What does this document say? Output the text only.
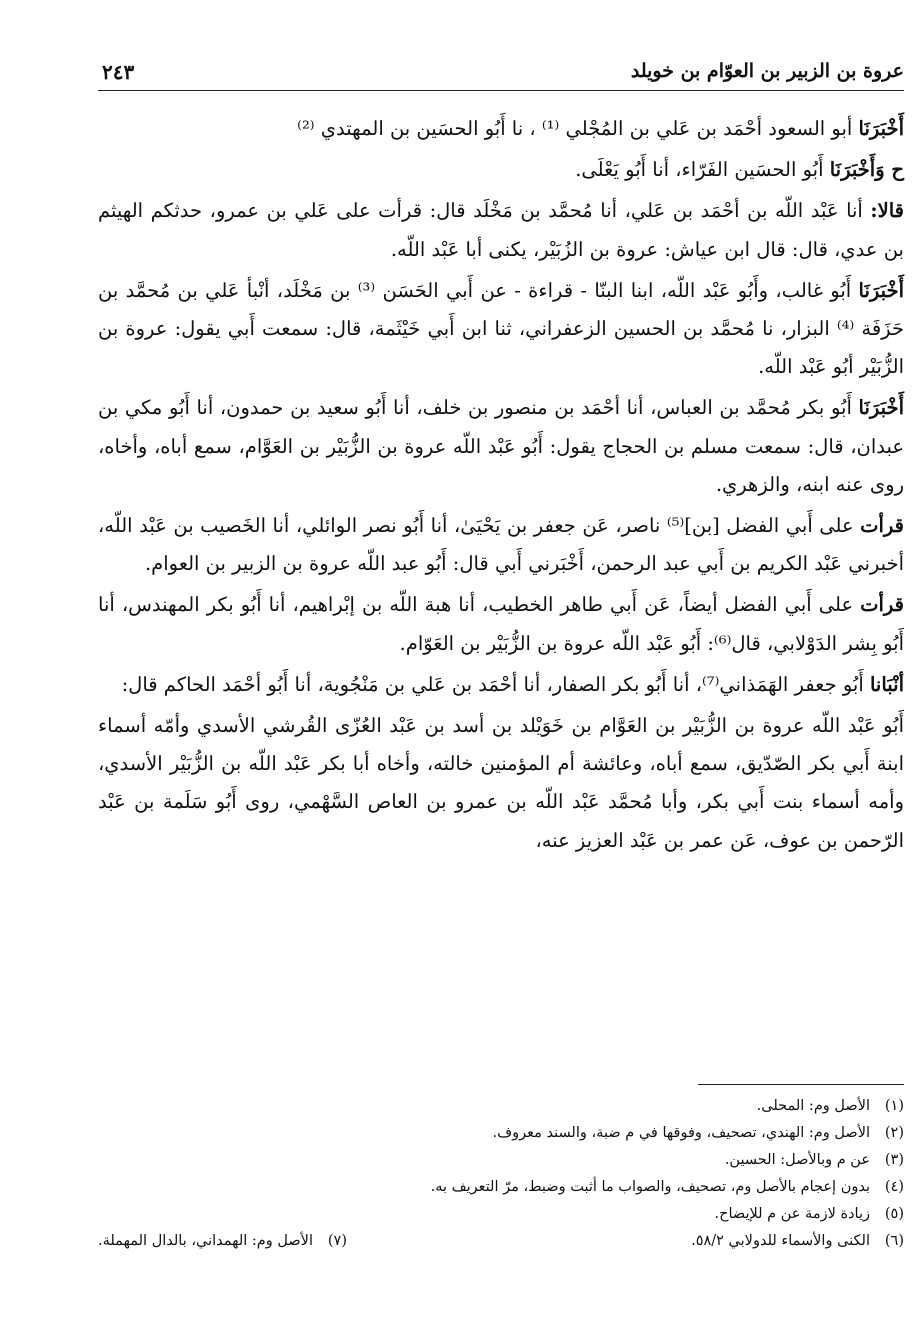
عروة بن الزبير بن العوّام بن خويلد
٢٤٣

أَخْبَرَنَا أبو السعود أحْمَد بن عَلي بن المُجْلي ⁽¹⁾ ، نا أَبُو الحسَين بن المهتدي ⁽²⁾

ح وَأَخْبَرَنَا أَبُو الحسَين الفَرّاء، أنا أَبُو يَعْلَى.

قالا: أنا عَبْد اللّه بن أحْمَد بن عَلي، أنا مُحمَّد بن مَخْلَد قال: قرأت على عَلي بن عمرو، حدثكم الهيثم بن عدي، قال: قال ابن عياش: عروة بن الزُبَيْر، يكنى أبا عَبْد اللّه.

أَخْبَرَنَا أَبُو غالب، وأَبُو عَبْد اللّه، ابنا البنّا - قراءة - عن أَبي الحَسَن ⁽³⁾ بن مَخْلَد، أنْبأ عَلي بن مُحمَّد بن حَزَفَة ⁽⁴⁾ البزار، نا مُحمَّد بن الحسين الزعفراني، ثنا ابن أَبي خَيْثَمة، قال: سمعت أَبي يقول: عروة بن الزُّبَيْر أبُو عَبْد اللّه.

أَخْبَرَنَا أَبُو بكر مُحمَّد بن العباس، أنا أحْمَد بن منصور بن خلف، أنا أَبُو سعيد بن حمدون، أنا أَبُو مكي بن عبدان، قال: سمعت مسلم بن الحجاج يقول: أَبُو عَبْد اللّه عروة بن الزُّبَيْر بن العَوَّام، سمع أباه، وأخاه، روى عنه ابنه، والزهري.

قرأت على أَبي الفضل [بن]⁽⁵⁾ ناصر، عَن جعفر بن يَحْيَىٰ، أنا أَبُو نصر الوائلي، أنا الخَصيب بن عَبْد اللّه، أخبرني عَبْد الكريم بن أَبي عبد الرحمن، أَخْبَرني أَبي قال: أَبُو عبد اللّه عروة بن الزبير بن العوام.

قرأت على أَبي الفضل أيضاً، عَن أَبي طاهر الخطيب، أنا هبة اللّه بن إبْراهيم، أنا أَبُو بكر المهندس، أنا أَبُو بِشر الدَوْلابي، قال⁽⁶⁾: أَبُو عَبْد اللّه عروة بن الزُّبَيْر بن العَوّام.

أنْبَانا أَبُو جعفر الهَمَذاني⁽⁷⁾، أنا أَبُو بكر الصفار، أنا أحْمَد بن عَلي بن مَنْجُوية، أنا أَبُو أحْمَد الحاكم قال:

أَبُو عَبْد اللّه عروة بن الزُّبَيْر بن العَوَّام بن خَوَيْلد بن أسد بن عَبْد العُزّى القُرشي الأسدي وأمّه أسماء ابنة أَبي بكر الصّدّيق، سمع أباه، وعائشة أم المؤمنين خالته، وأخاه أبا بكر عَبْد اللّه بن الزُّبَيْر الأسدي، وأمه أسماء بنت أَبي بكر، وأبا مُحمَّد عَبْد اللّه بن عمرو بن العاص السَّهْمي، روى أَبُو سَلَمة بن عَبْد الرّحمن بن عوف، عَن عمر بن عَبْد العزيز عنه،

(١)الأصل وم: المحلى.

(٢)الأصل وم: الهندي، تصحيف، وفوقها في م ضبة، والسند معروف.

(٣)عن م وبالأصل: الحسين.

(٤)بدون إعجام بالأصل وم، تصحيف، والصواب ما أثبت وضبط، مرّ التعريف به.

(٥)زيادة لازمة عن م للإيضاح.

(٦)الكنى والأسماء للدولابي ٥٨/٢.

(٧)الأصل وم: الهمداني، بالدال المهملة.
